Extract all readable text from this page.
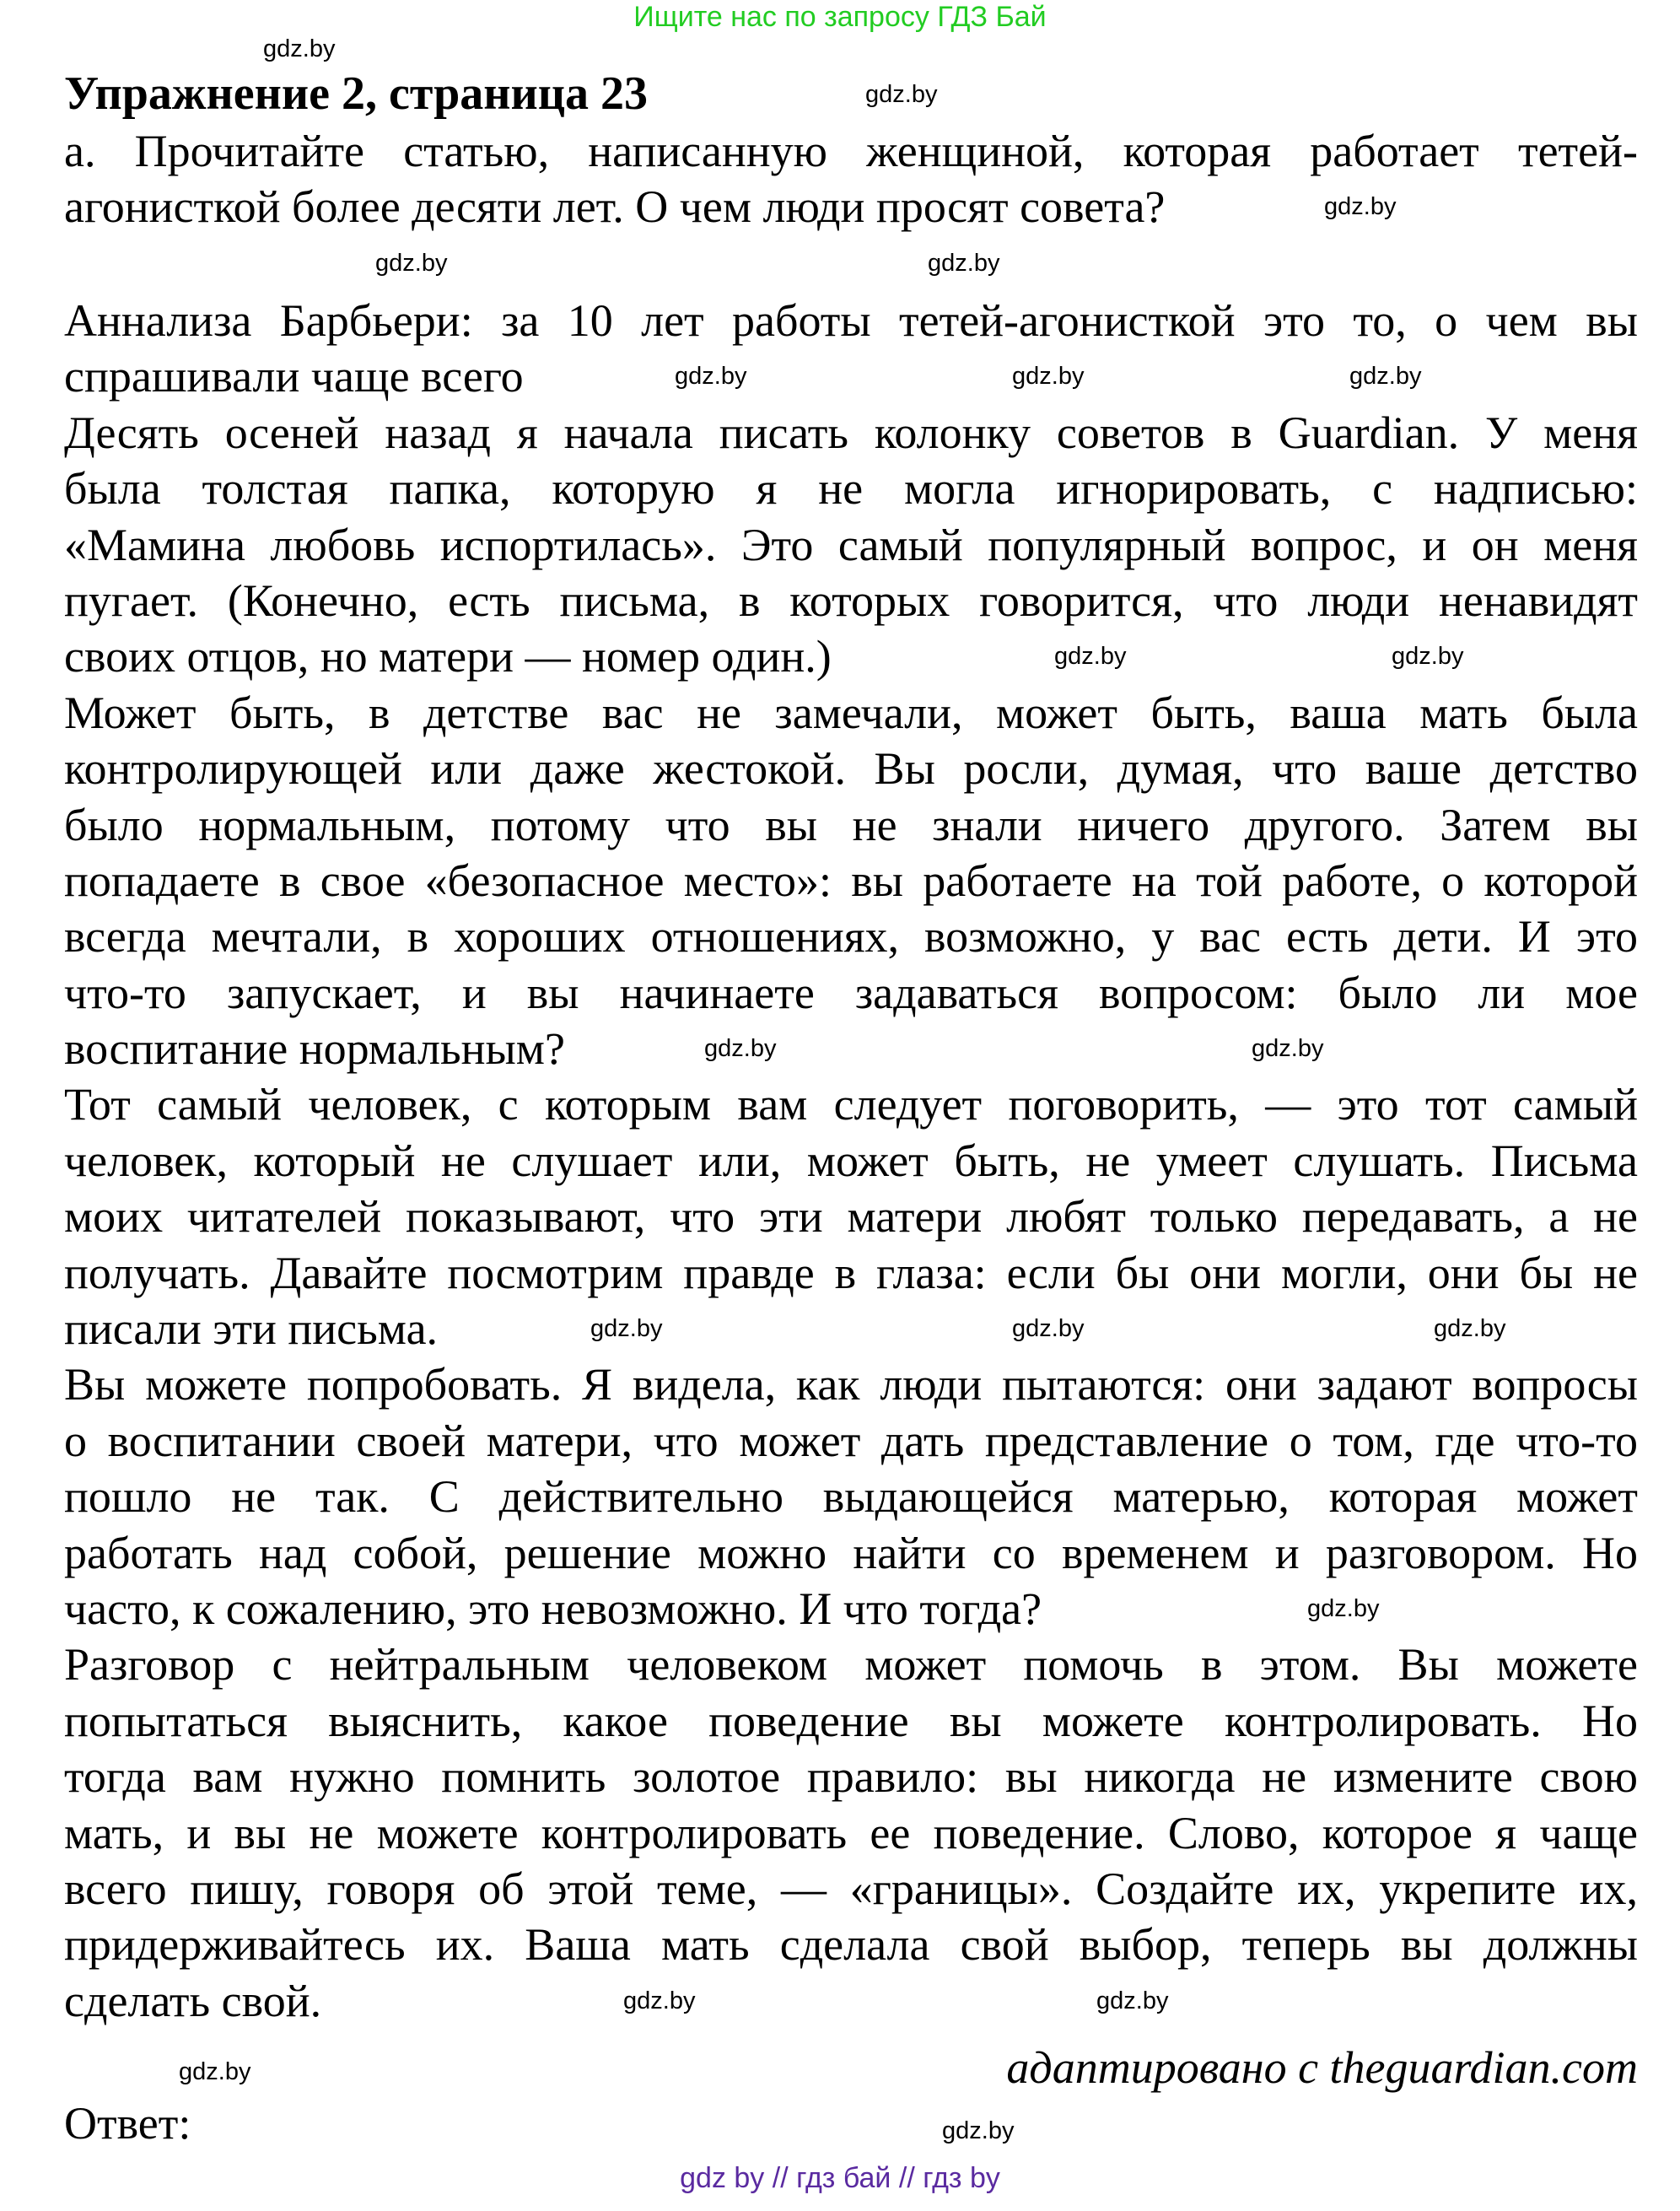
Ищите нас по запросу ГДЗ Бай
Упражнение 2, страница 23
а. Прочитайте статью, написанную женщиной, которая работает тетей-
агонисткой более десяти лет. О чем люди просят совета?
Аннализа Барбьери: за 10 лет работы тетей-агонисткой это то, о чем вы
спрашивали чаще всего
Десять осеней назад я начала писать колонку советов в Guardian. У меня
была толстая папка, которую я не могла игнорировать, с надписью:
«Мамина любовь испортилась». Это самый популярный вопрос, и он меня
пугает. (Конечно, есть письма, в которых говорится, что люди ненавидят
своих отцов, но матери — номер один.)
Может быть, в детстве вас не замечали, может быть, ваша мать была
контролирующей или даже жестокой. Вы росли, думая, что ваше детство
было нормальным, потому что вы не знали ничего другого. Затем вы
попадаете в свое «безопасное место»: вы работаете на той работе, о которой
всегда мечтали, в хороших отношениях, возможно, у вас есть дети. И это
что-то запускает, и вы начинаете задаваться вопросом: было ли мое
воспитание нормальным?
Тот самый человек, с которым вам следует поговорить, — это тот самый
человек, который не слушает или, может быть, не умеет слушать. Письма
моих читателей показывают, что эти матери любят только передавать, а не
получать. Давайте посмотрим правде в глаза: если бы они могли, они бы не
писали эти письма.
Вы можете попробовать. Я видела, как люди пытаются: они задают вопросы
о воспитании своей матери, что может дать представление о том, где что-то
пошло не так. С действительно выдающейся матерью, которая может
работать над собой, решение можно найти со временем и разговором. Но
часто, к сожалению, это невозможно. И что тогда?
Разговор с нейтральным человеком может помочь в этом. Вы можете
попытаться выяснить, какое поведение вы можете контролировать. Но
тогда вам нужно помнить золотое правило: вы никогда не измените свою
мать, и вы не можете контролировать ее поведение. Слово, которое я чаще
всего пишу, говоря об этой теме, — «границы». Создайте их, укрепите их,
придерживайтесь их. Ваша мать сделала свой выбор, теперь вы должны
сделать свой.
адаптировано с theguardian.com
Ответ:
gdz by // гдз бай // гдз by
gdz.by
gdz.by
gdz.by
gdz.by	gdz.by
gdz.by	gdz.by	gdz.by
gdz.by	gdz.by
gdz.by	gdz.by
gdz.by	gdz.by	gdz.by
gdz.by
gdz.by	gdz.by
gdz.by
gdz.by
